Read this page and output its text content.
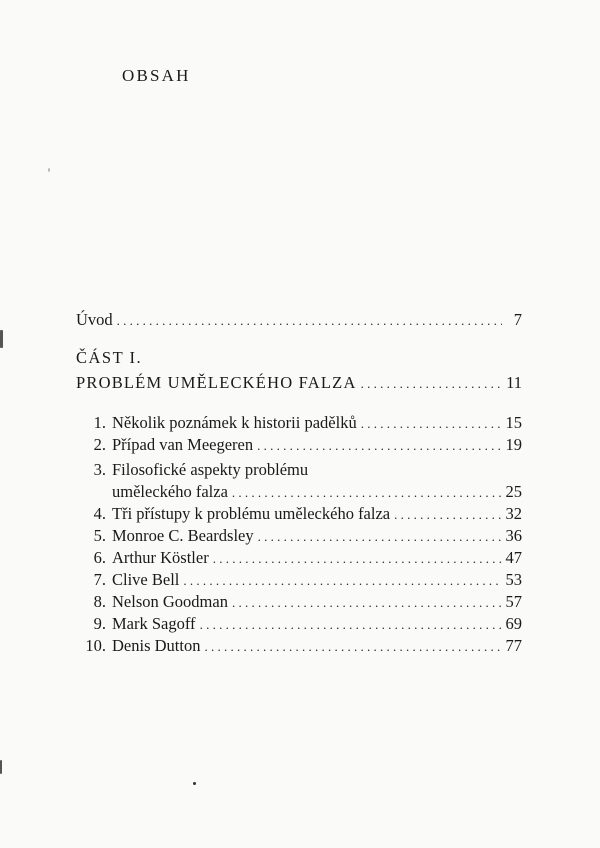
OBSAH
Úvod . . .	7
ČÁST I.
PROBLÉM UMĚLECKÉHO FALZA . . .	11
1. Několik poznámek k historii padělků . . .	15
2. Případ van Meegeren . . .	19
3. Filosofické aspekty problému
uměleckého falza . . .	25
4. Tři přístupy k problému uměleckého falza . . .	32
5. Monroe C. Beardsley . . .	36
6. Arthur Köstler . . .	47
7. Clive Bell . . .	53
8. Nelson Goodman . . .	57
9. Mark Sagoff . . .	69
10. Denis Dutton . . .	77
